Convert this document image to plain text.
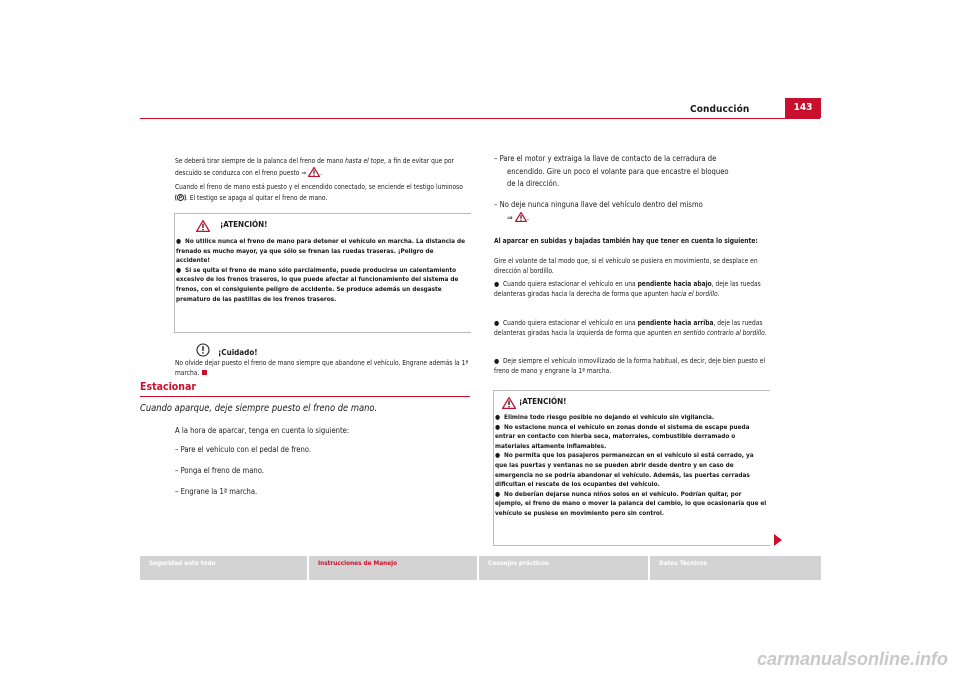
Conducción	143
Se deberá tirar siempre de la palanca del freno de mano hasta el tope, a fin de evitar que por descuido se conduzca con el freno puesto ⇒ .
Cuando el freno de mano está puesto y el encendido conectado, se enciende el testigo luminoso
P . El testigo se apaga al quitar el freno de mano.
¡ATENCIÓN!
● No utilice nunca el freno de mano para detener el vehículo en marcha. La distancia de frenado es mucho mayor, ya que sólo se frenan las ruedas traseras. ¡Peligro de accidente!
● Si se quita el freno de mano sólo parcialmente, puede producirse un calentamiento excesivo de los frenos traseros, lo que puede afectar al funcionamiento del sistema de frenos, con el consiguiente peligro de accidente. Se produce además un desgaste prematuro de las pastillas de los frenos traseros.
¡Cuidado!
No olvide dejar puesto el freno de mano siempre que abandone el vehículo. Engrane además la 1ª marcha.
Estacionar
Cuando aparque, deje siempre puesto el freno de mano.
A la hora de aparcar, tenga en cuenta lo siguiente:
– Pare el vehículo con el pedal de freno.
– Ponga el freno de mano.
– Engrane la 1ª marcha.
– Pare el motor y extraiga la llave de contacto de la cerradura de
encendido. Gire un poco el volante para que encastre el bloqueo
de la dirección.
– No deje nunca ninguna llave del vehículo dentro del mismo
⇒ .
Al aparcar en subidas y bajadas también hay que tener en cuenta lo siguiente:
Gire el volante de tal modo que, si el vehículo se pusiera en movimiento, se desplace en dirección al bordillo.
● Cuando quiera estacionar el vehículo en una pendiente hacia abajo, deje las ruedas delanteras giradas hacia la derecha de forma que apunten hacia el bordillo.
● Cuando quiera estacionar el vehículo en una pendiente hacia arriba, deje las ruedas delanteras giradas hacia la izquierda de forma que apunten en sentido contrario al bordillo.
● Deje siempre el vehículo inmovilizado de la forma habitual, es decir, deje bien puesto el freno de mano y engrane la 1ª marcha.
¡ATENCIÓN!
● Elimine todo riesgo posible no dejando el vehículo sin vigilancia.
● No estacione nunca el vehículo en zonas donde el sistema de escape pueda entrar en contacto con hierba seca, matorrales, combustible derramado o materiales altamente inflamables.
● No permita que los pasajeros permanezcan en el vehículo si está cerrado, ya que las puertas y ventanas no se pueden abrir desde dentro y en caso de emergencia no se podría abandonar el vehículo. Además, las puertas cerradas dificultan el rescate de los ocupantes del vehículo.
● No deberían dejarse nunca niños solos en el vehículo. Podrían quitar, por ejemplo, el freno de mano o mover la palanca del cambio, lo que ocasionaría que el vehículo se pusiese en movimiento pero sin control.
Seguridad ante todo	Instrucciones de Manejo	Consejos prácticos	Datos Técnicos
carmanualsonline.info
